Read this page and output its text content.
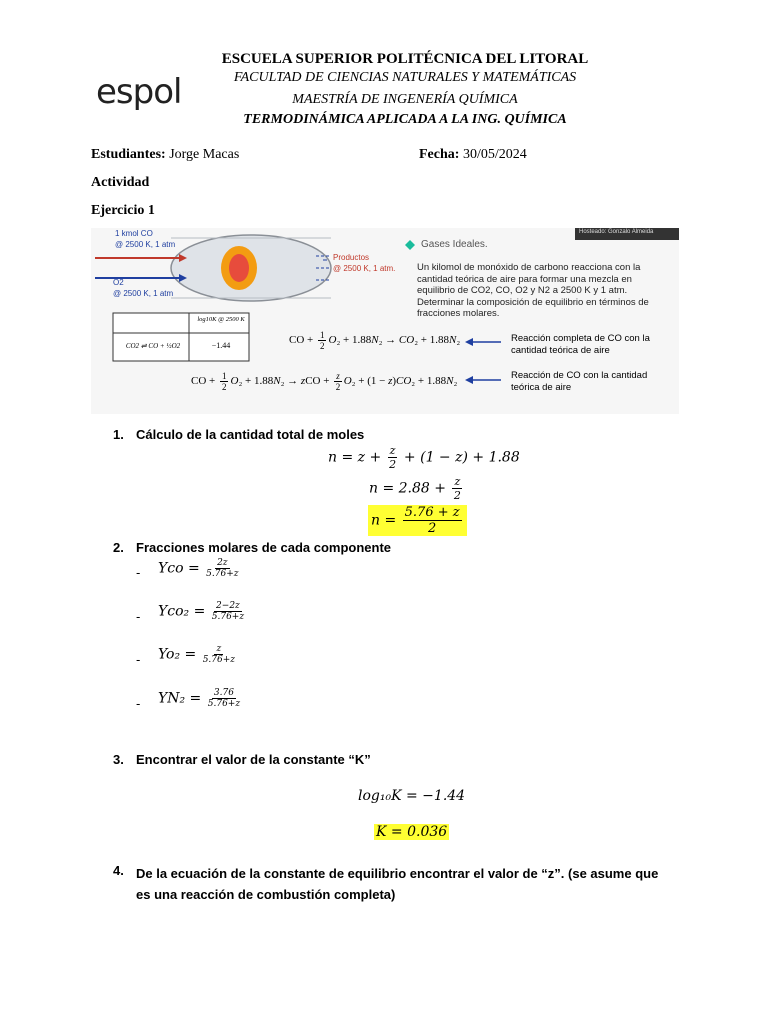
espol
ESCUELA SUPERIOR POLITÉCNICA DEL LITORAL
FACULTAD DE CIENCIAS NATURALES Y MATEMÁTICAS
MAESTRÍA DE INGENERÍA QUÍMICA
TERMODINÁMICA APLICADA A LA ING. QUÍMICA
Estudiantes: Jorge Macas	Fecha: 30/05/2024
Actividad
Ejercicio 1
1 kmol CO
@ 2500 K, 1 atm
O2
@ 2500 K, 1 atm
Productos
@ 2500 K, 1 atm.
Hosteado: Gonzalo Almeida
Gases Ideales.
Un kilomol de monóxido de carbono reacciona con la cantidad teórica de aire para formar una mezcla en equilibrio de CO2, CO, O2 y N2 a 2500 K y 1 atm. Determinar la composición de equilibrio en términos de fracciones molares.
log10K @ 2500 K
CO2 ⇌ CO + ½O2	−1.44	CO + $\frac{1}{2} O_2 + 1.88N_2 \to CO_2 + 1.88N_2$
CO + $\frac{1}{2} O_2 + 1.88N_2$ → zCO + $\frac{z}{2} O_2 + (1 - z)CO_2 + 1.88N_2$
Reacción completa de CO con la cantidad teórica de aire
Reacción de CO con la cantidad teórica de aire
1. Cálculo de la cantidad total de moles
$n = z + \frac{z}{2} + (1 - z) + 1.88$
$n = 2.88 + \frac{z}{2}$
$n = \frac{5.76 + z}{2}$
2. Fracciones molares de cada componente
- Yco = $\frac{2z}{5.76+z}$
- $Yco_2 = \frac{2-2z}{5.76+z}$
- $Yo_2 = \frac{z}{5.76+z}$
- $YN_2 = \frac{3.76}{5.76+z}$
3. Encontrar el valor de la constante “K”
log₁₀K = −1.44
K = 0.036
4. De la ecuación de la constante de equilibrio encontrar el valor de “z”. (se asume que es una reacción de combustión completa)
